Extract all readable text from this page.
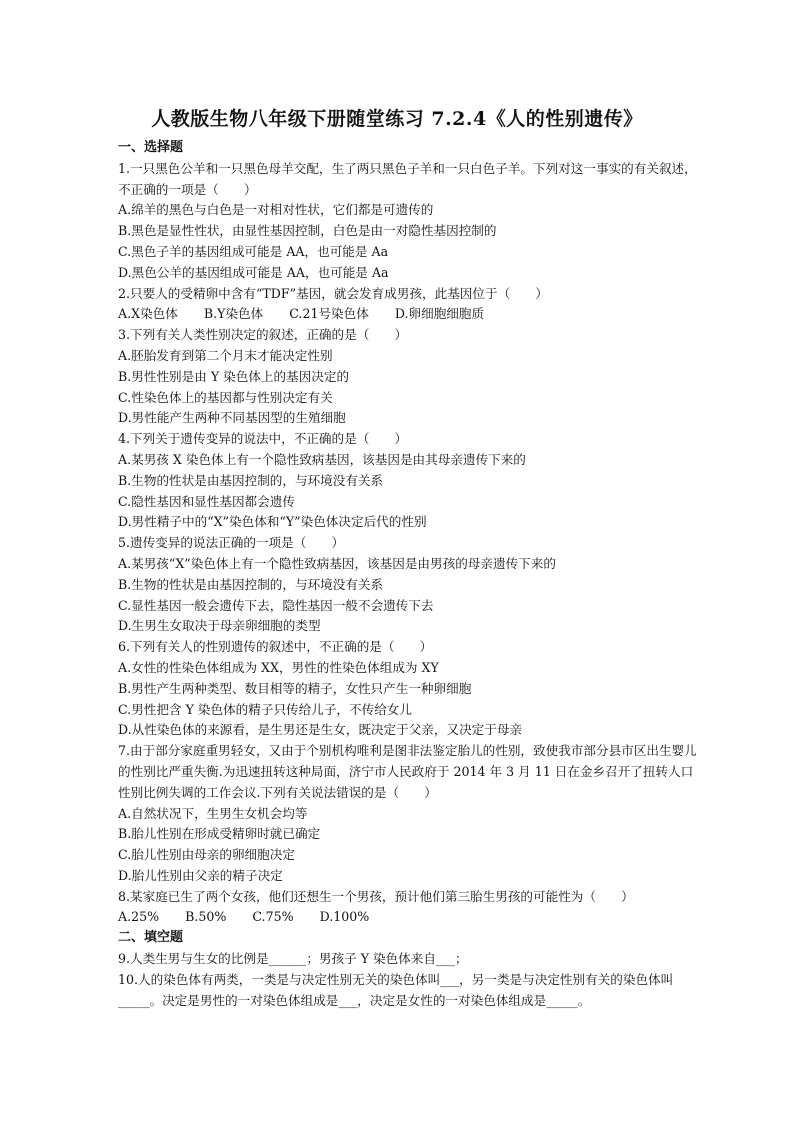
人教版生物八年级下册随堂练习 7.2.4《人的性别遗传》
一、选择题
1.一只黑色公羊和一只黑色母羊交配，生了两只黑色子羊和一只白色子羊。下列对这一事实的有关叙述，不正确的一项是（　　）
A.绵羊的黑色与白色是一对相对性状，它们都是可遗传的
B.黑色是显性性状，由显性基因控制，白色是由一对隐性基因控制的
C.黑色子羊的基因组成可能是 AA，也可能是 Aa
D.黑色公羊的基因组成可能是 AA，也可能是 Aa
2.只要人的受精卵中含有“TDF”基因，就会发育成男孩，此基因位于（　　）
A.X染色体 B.Y染色体 C.21号染色体 D.卵细胞细胞质
3.下列有关人类性别决定的叙述，正确的是（　　）
A.胚胎发育到第二个月末才能决定性别
B.男性性别是由 Y 染色体上的基因决定的
C.性染色体上的基因都与性别决定有关
D.男性能产生两种不同基因型的生殖细胞
4.下列关于遗传变异的说法中，不正确的是（　　）
A.某男孩 X 染色体上有一个隐性致病基因，该基因是由其母亲遗传下来的
B.生物的性状是由基因控制的，与环境没有关系
C.隐性基因和显性基因都会遗传
D.男性精子中的“X”染色体和“Y”染色体决定后代的性别
5.遗传变异的说法正确的一项是（　　）
A.某男孩“X”染色体上有一个隐性致病基因，该基因是由男孩的母亲遗传下来的
B.生物的性状是由基因控制的，与环境没有关系
C.显性基因一般会遗传下去，隐性基因一般不会遗传下去
D.生男生女取决于母亲卵细胞的类型
6.下列有关人的性别遗传的叙述中，不正确的是（　　）
A.女性的性染色体组成为 XX，男性的性染色体组成为 XY
B.男性产生两种类型、数目相等的精子，女性只产生一种卵细胞
C.男性把含 Y 染色体的精子只传给儿子，不传给女儿
D.从性染色体的来源看，是生男还是生女，既决定于父亲，又决定于母亲
7.由于部分家庭重男轻女，又由于个别机构唯利是图非法鉴定胎儿的性别，致使我市部分县市区出生婴儿的性别比严重失衡.为迅速扭转这种局面，济宁市人民政府于 2014 年 3 月 11 日在金乡召开了扭转人口性别比例失调的工作会议.下列有关说法错误的是（　　）
A.自然状况下，生男生女机会均等
B.胎儿性别在形成受精卵时就已确定
C.胎儿性别由母亲的卵细胞决定
D.胎儿性别由父亲的精子决定
8.某家庭已生了两个女孩，他们还想生一个男孩，预计他们第三胎生男孩的可能性为（　　）
A.25% B.50% C.75% D.100%
二、填空题
9.人类生男与生女的比例是______；男孩子 Y 染色体来自___；
10.人的染色体有两类，一类是与决定性别无关的染色体叫___，另一类是与决定性别有关的染色体叫_____。决定是男性的一对染色体组成是___，决定是女性的一对染色体组成是_____。
